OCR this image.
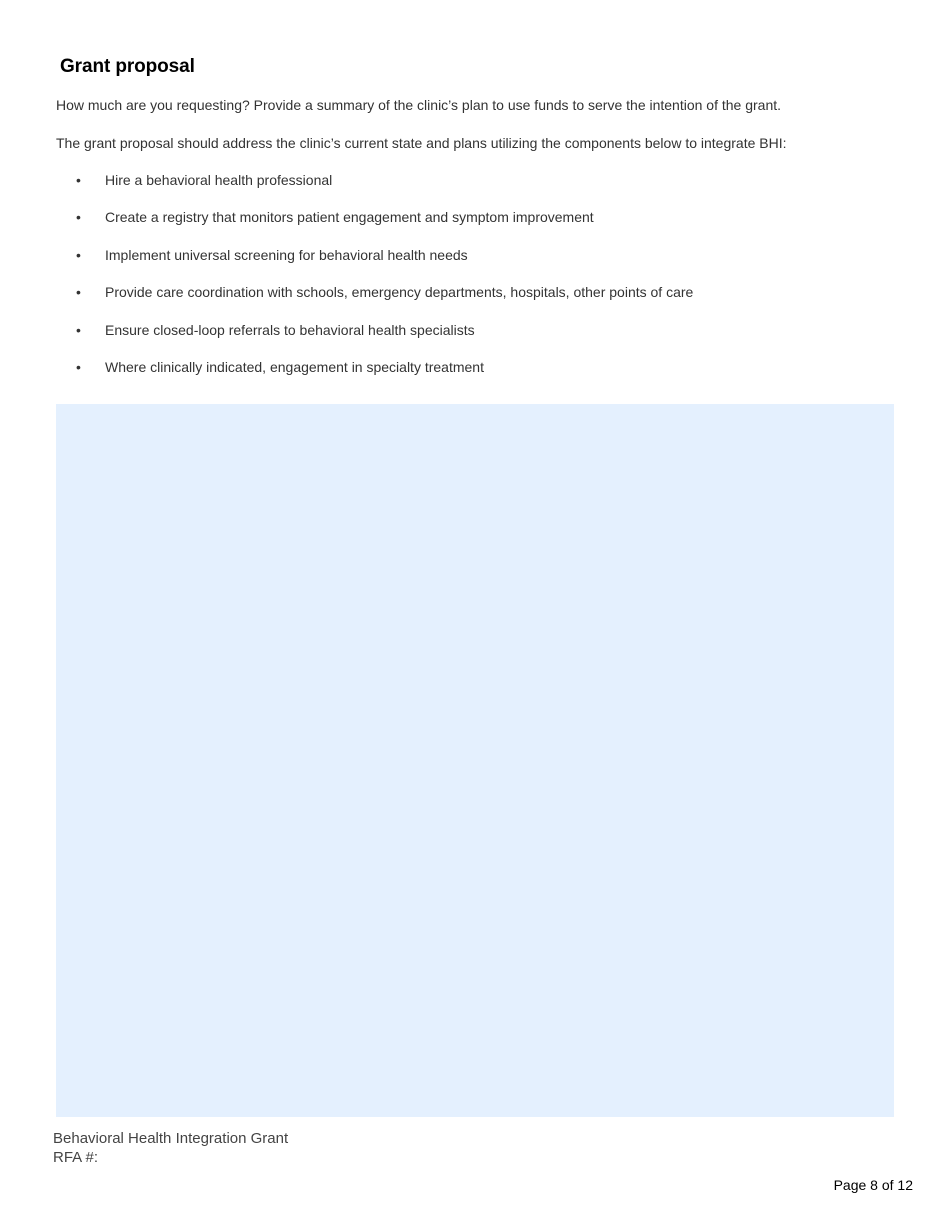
Grant proposal
How much are you requesting? Provide a summary of the clinic’s plan to use funds to serve the intention of the grant.
The grant proposal should address the clinic’s current state and plans utilizing the components below to integrate BHI:
• Hire a behavioral health professional
• Create a registry that monitors patient engagement and symptom improvement
• Implement universal screening for behavioral health needs
• Provide care coordination with schools, emergency departments, hospitals, other points of care
• Ensure closed-loop referrals to behavioral health specialists
• Where clinically indicated, engagement in specialty treatment
Behavioral Health Integration Grant
RFA #:
Page 8 of 12
